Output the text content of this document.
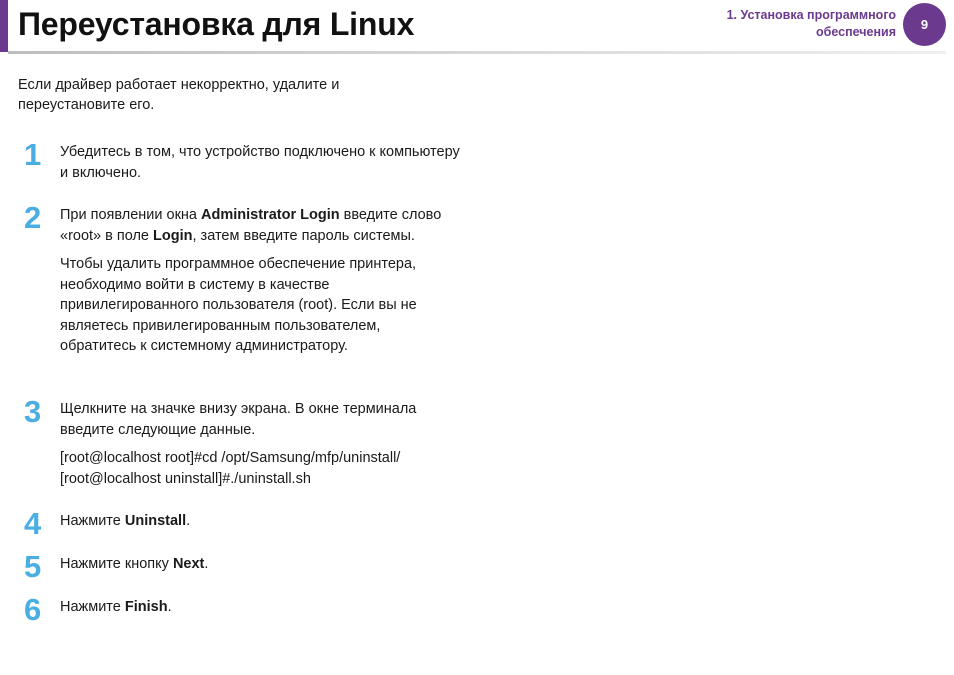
Переустановка для Linux	1. Установка программного
обеспечения	9

Если драйвер работает некорректно, удалите и переустановите его.

1	Убедитесь в том, что устройство подключено к компьютеру и включено.

2	При появлении окна Administrator Login введите слово «root» в поле Login, затем введите пароль системы.

Чтобы удалить программное обеспечение принтера, необходимо войти в систему в качестве привилегированного пользователя (root). Если вы не являетесь привилегированным пользователем, обратитесь к системному администратору.

3	Щелкните на значке внизу экрана. В окне терминала введите следующие данные.

[root@localhost root]#cd /opt/Samsung/mfp/uninstall/
[root@localhost uninstall]#./uninstall.sh

4	Нажмите Uninstall.

5	Нажмите кнопку Next.

6	Нажмите Finish.
